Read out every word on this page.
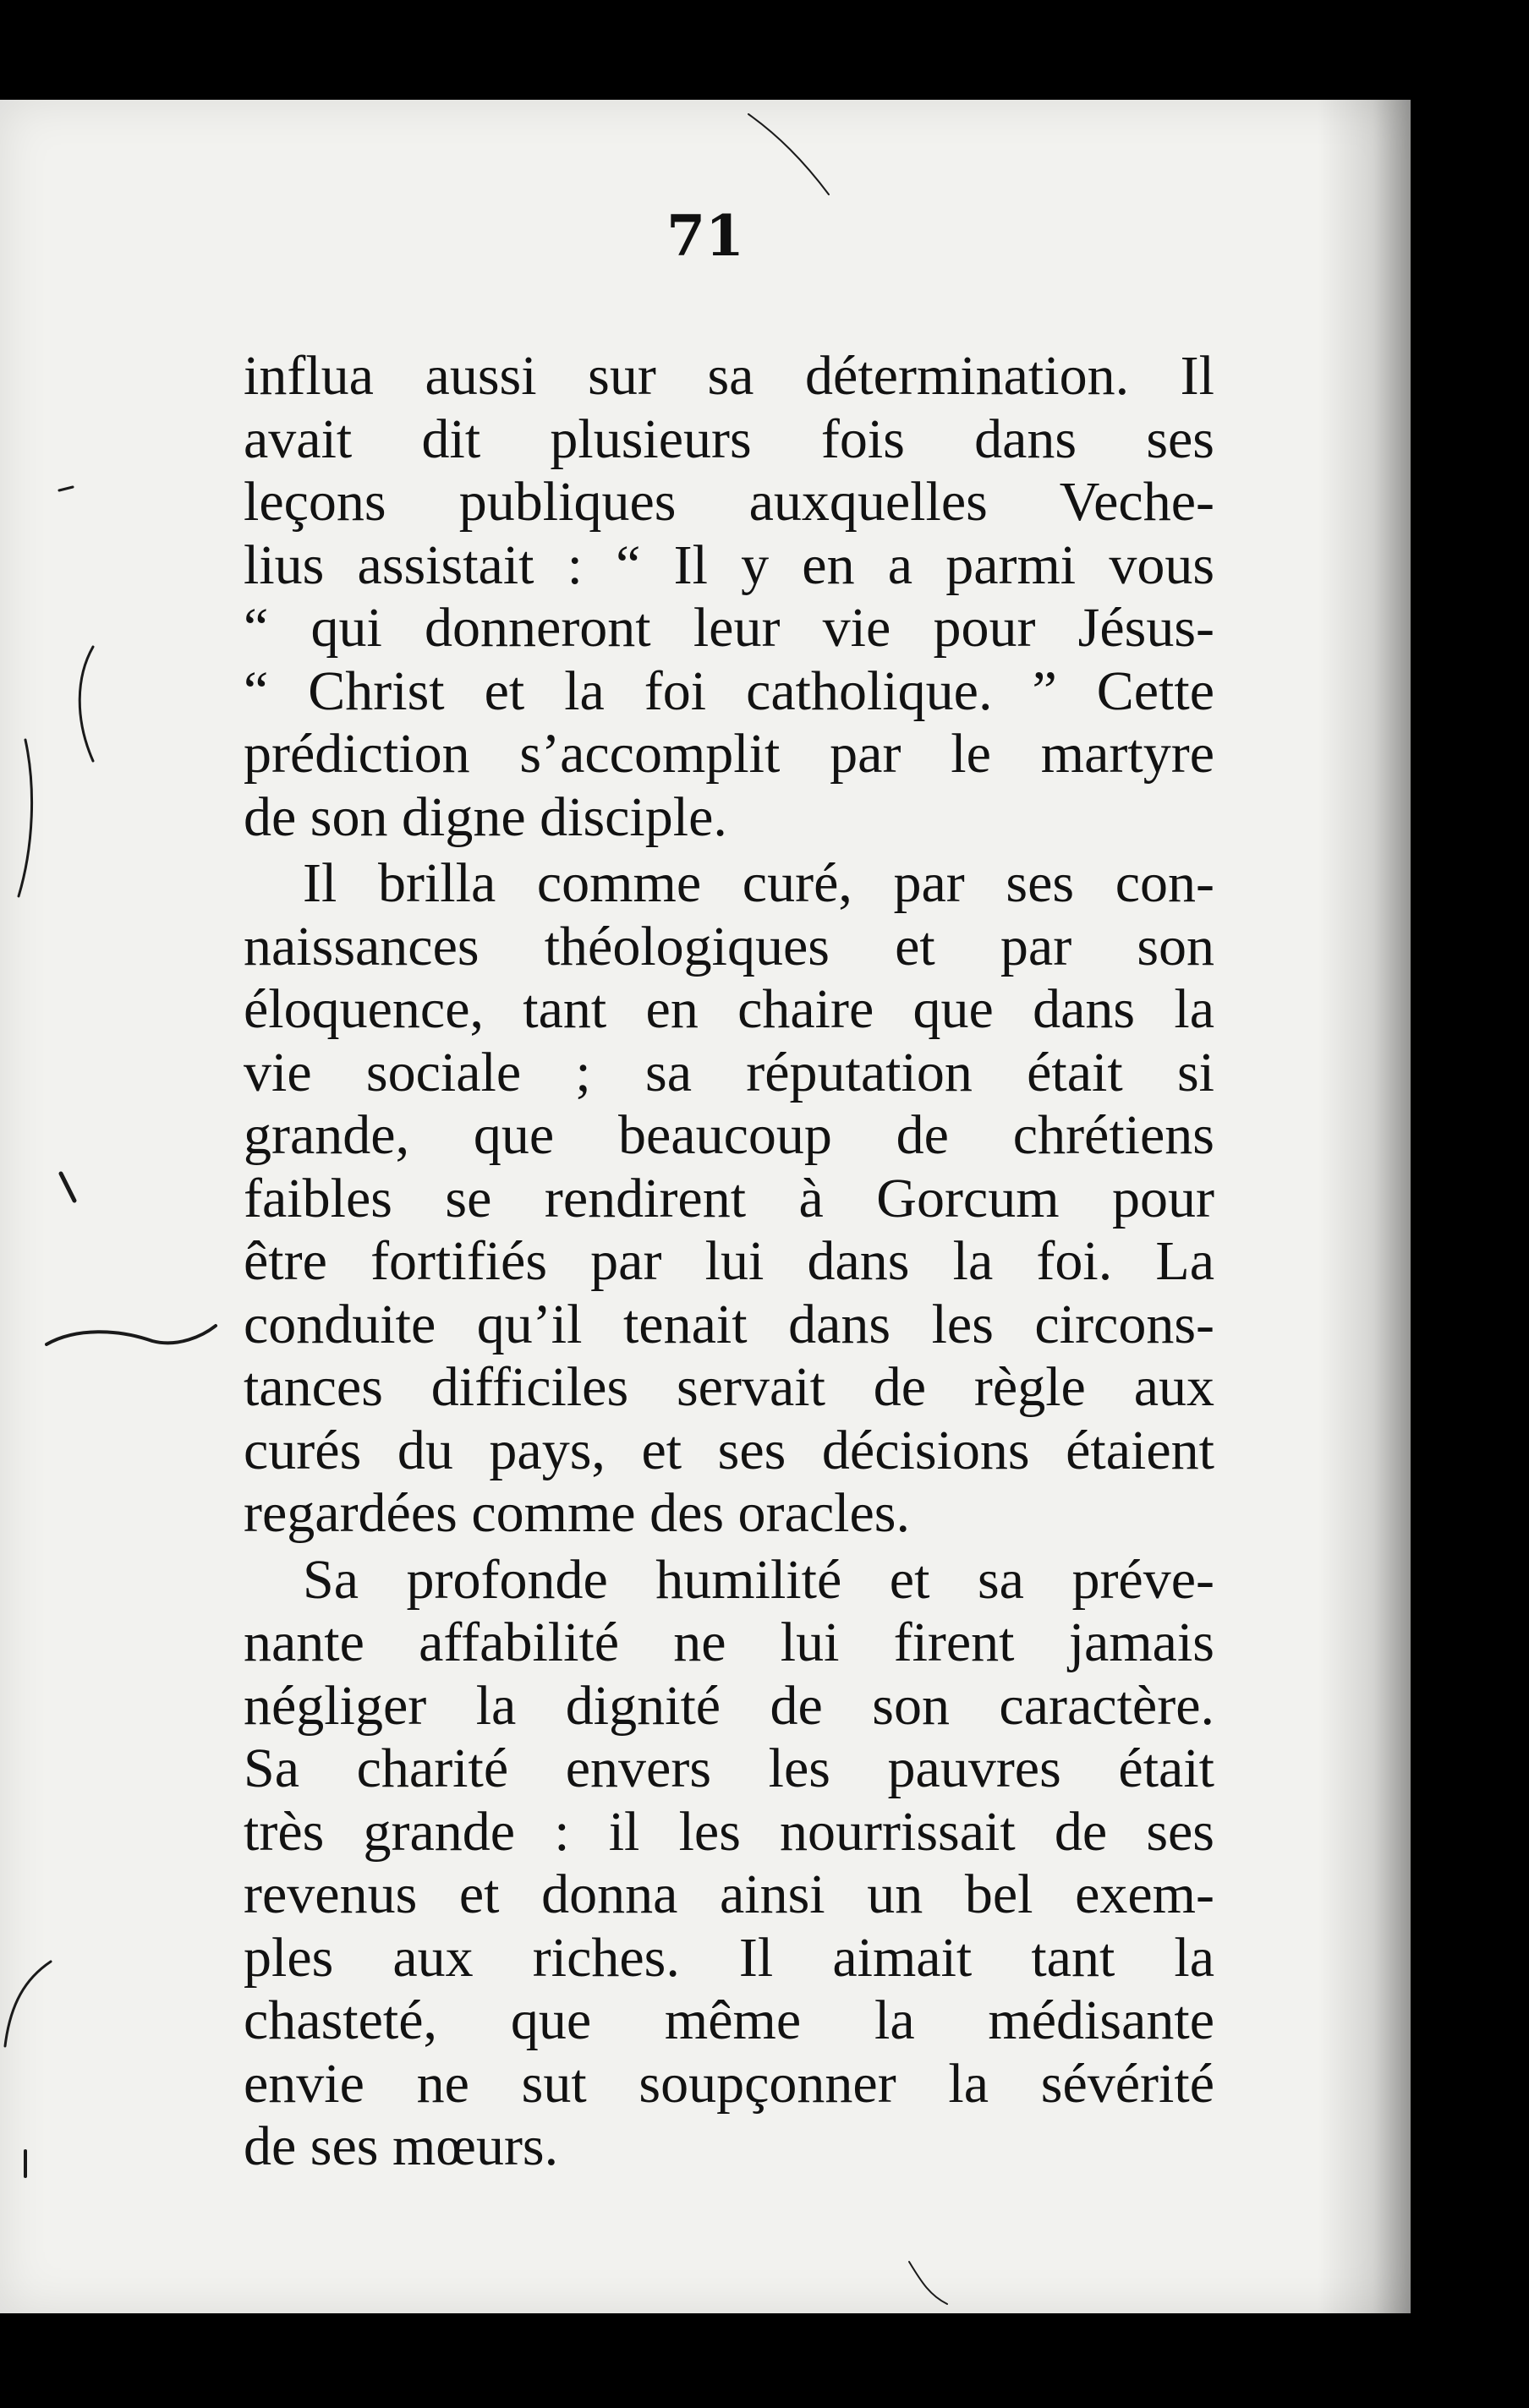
71
influa aussi sur sa détermination. Il
avait dit plusieurs fois dans ses
leçons publiques auxquelles Veche-
lius assistait : “ Il y en a parmi vous
“ qui donneront leur vie pour Jésus-
“ Christ et la foi catholique. ” Cette
prédiction s’accomplit par le martyre
de son digne disciple.
Il brilla comme curé, par ses con-
naissances théologiques et par son
éloquence, tant en chaire que dans la
vie sociale ; sa réputation était si
grande, que beaucoup de chrétiens
faibles se rendirent à Gorcum pour
être fortifiés par lui dans la foi. La
conduite qu’il tenait dans les circons-
tances difficiles servait de règle aux
curés du pays, et ses décisions étaient
regardées comme des oracles.
Sa profonde humilité et sa préve-
nante affabilité ne lui firent jamais
négliger la dignité de son caractère.
Sa charité envers les pauvres était
très grande : il les nourrissait de ses
revenus et donna ainsi un bel exem-
ples aux riches. Il aimait tant la
chasteté, que même la médisante
envie ne sut soupçonner la sévérité
de ses mœurs.
